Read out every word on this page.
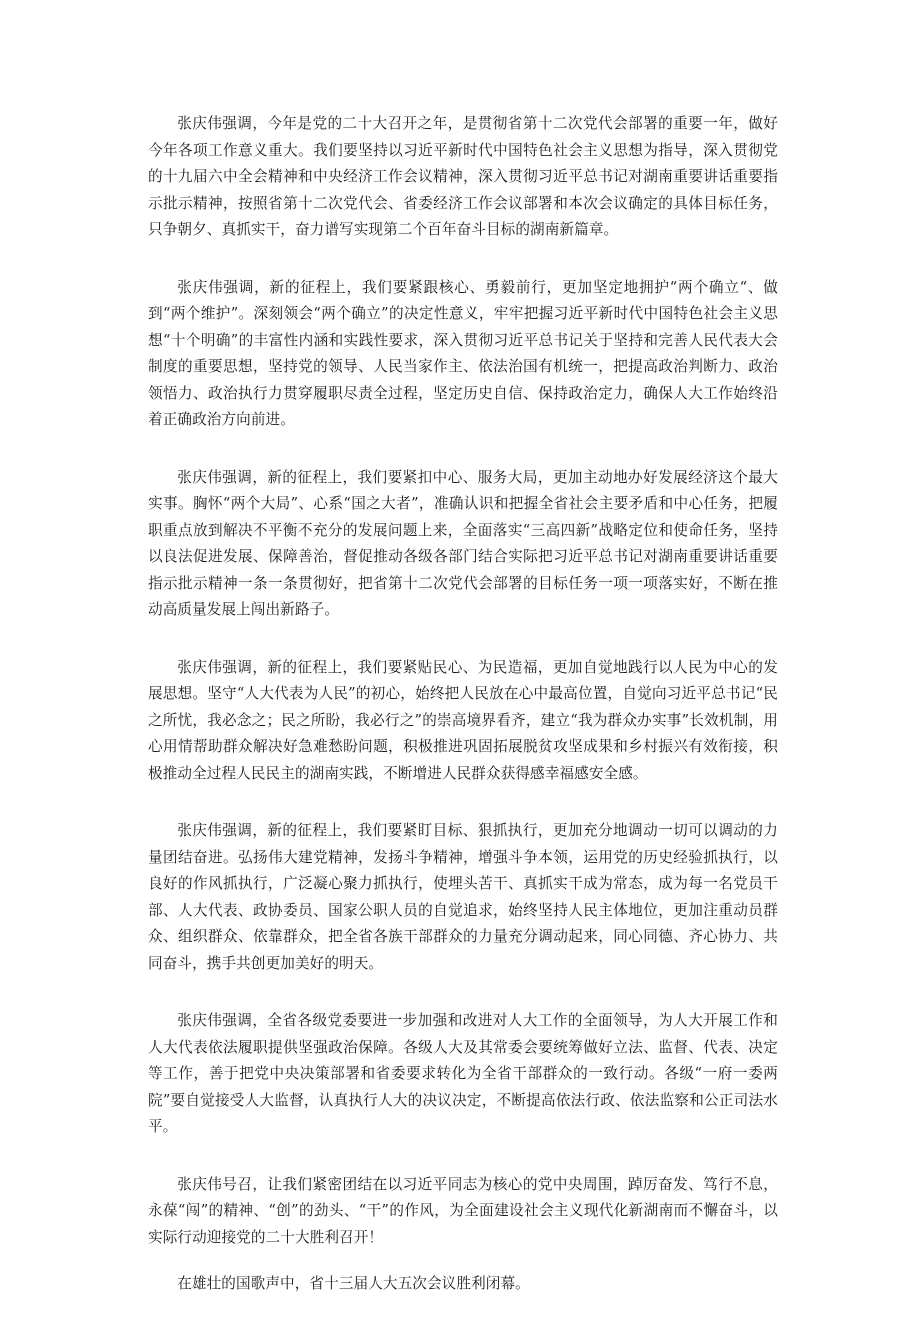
张庆伟强调，今年是党的二十大召开之年，是贯彻省第十二次党代会部署的重要一年，做好今年各项工作意义重大。我们要坚持以习近平新时代中国特色社会主义思想为指导，深入贯彻党的十九届六中全会精神和中央经济工作会议精神，深入贯彻习近平总书记对湖南重要讲话重要指示批示精神，按照省第十二次党代会、省委经济工作会议部署和本次会议确定的具体目标任务，只争朝夕、真抓实干，奋力谱写实现第二个百年奋斗目标的湖南新篇章。

张庆伟强调，新的征程上，我们要紧跟核心、勇毅前行，更加坚定地拥护“两个确立“、做到“两个维护”。深刻领会“两个确立”的决定性意义，牢牢把握习近平新时代中国特色社会主义思想“十个明确”的丰富性内涵和实践性要求，深入贯彻习近平总书记关于坚持和完善人民代表大会制度的重要思想，坚持党的领导、人民当家作主、依法治国有机统一，把提高政治判断力、政治领悟力、政治执行力贯穿履职尽责全过程，坚定历史自信、保持政治定力，确保人大工作始终沿着正确政治方向前进。

张庆伟强调，新的征程上，我们要紧扣中心、服务大局，更加主动地办好发展经济这个最大实事。胸怀“两个大局”、心系“国之大者”，准确认识和把握全省社会主要矛盾和中心任务，把履职重点放到解决不平衡不充分的发展问题上来，全面落实“三高四新”战略定位和使命任务，坚持以良法促进发展、保障善治，督促推动各级各部门结合实际把习近平总书记对湖南重要讲话重要指示批示精神一条一条贯彻好，把省第十二次党代会部署的目标任务一项一项落实好，不断在推动高质量发展上闯出新路子。

张庆伟强调，新的征程上，我们要紧贴民心、为民造福，更加自觉地践行以人民为中心的发展思想。坚守“人大代表为人民”的初心，始终把人民放在心中最高位置，自觉向习近平总书记“民之所忧，我必念之；民之所盼，我必行之”的崇高境界看齐，建立“我为群众办实事”长效机制，用心用情帮助群众解决好急难愁盼问题，积极推进巩固拓展脱贫攻坚成果和乡村振兴有效衔接，积极推动全过程人民民主的湖南实践，不断增进人民群众获得感幸福感安全感。

张庆伟强调，新的征程上，我们要紧盯目标、狠抓执行，更加充分地调动一切可以调动的力量团结奋进。弘扬伟大建党精神，发扬斗争精神，增强斗争本领，运用党的历史经验抓执行，以良好的作风抓执行，广泛凝心聚力抓执行，使埋头苦干、真抓实干成为常态，成为每一名党员干部、人大代表、政协委员、国家公职人员的自觉追求，始终坚持人民主体地位，更加注重动员群众、组织群众、依靠群众，把全省各族干部群众的力量充分调动起来，同心同德、齐心协力、共同奋斗，携手共创更加美好的明天。

张庆伟强调，全省各级党委要进一步加强和改进对人大工作的全面领导，为人大开展工作和人大代表依法履职提供坚强政治保障。各级人大及其常委会要统筹做好立法、监督、代表、决定等工作，善于把党中央决策部署和省委要求转化为全省干部群众的一致行动。各级“一府一委两院”要自觉接受人大监督，认真执行人大的决议决定，不断提高依法行政、依法监察和公正司法水平。

张庆伟号召，让我们紧密团结在以习近平同志为核心的党中央周围，踔厉奋发、笃行不息，永葆“闯”的精神、“创”的劲头、“干”的作风，为全面建设社会主义现代化新湖南而不懈奋斗，以实际行动迎接党的二十大胜利召开！

在雄壮的国歌声中，省十三届人大五次会议胜利闭幕。
